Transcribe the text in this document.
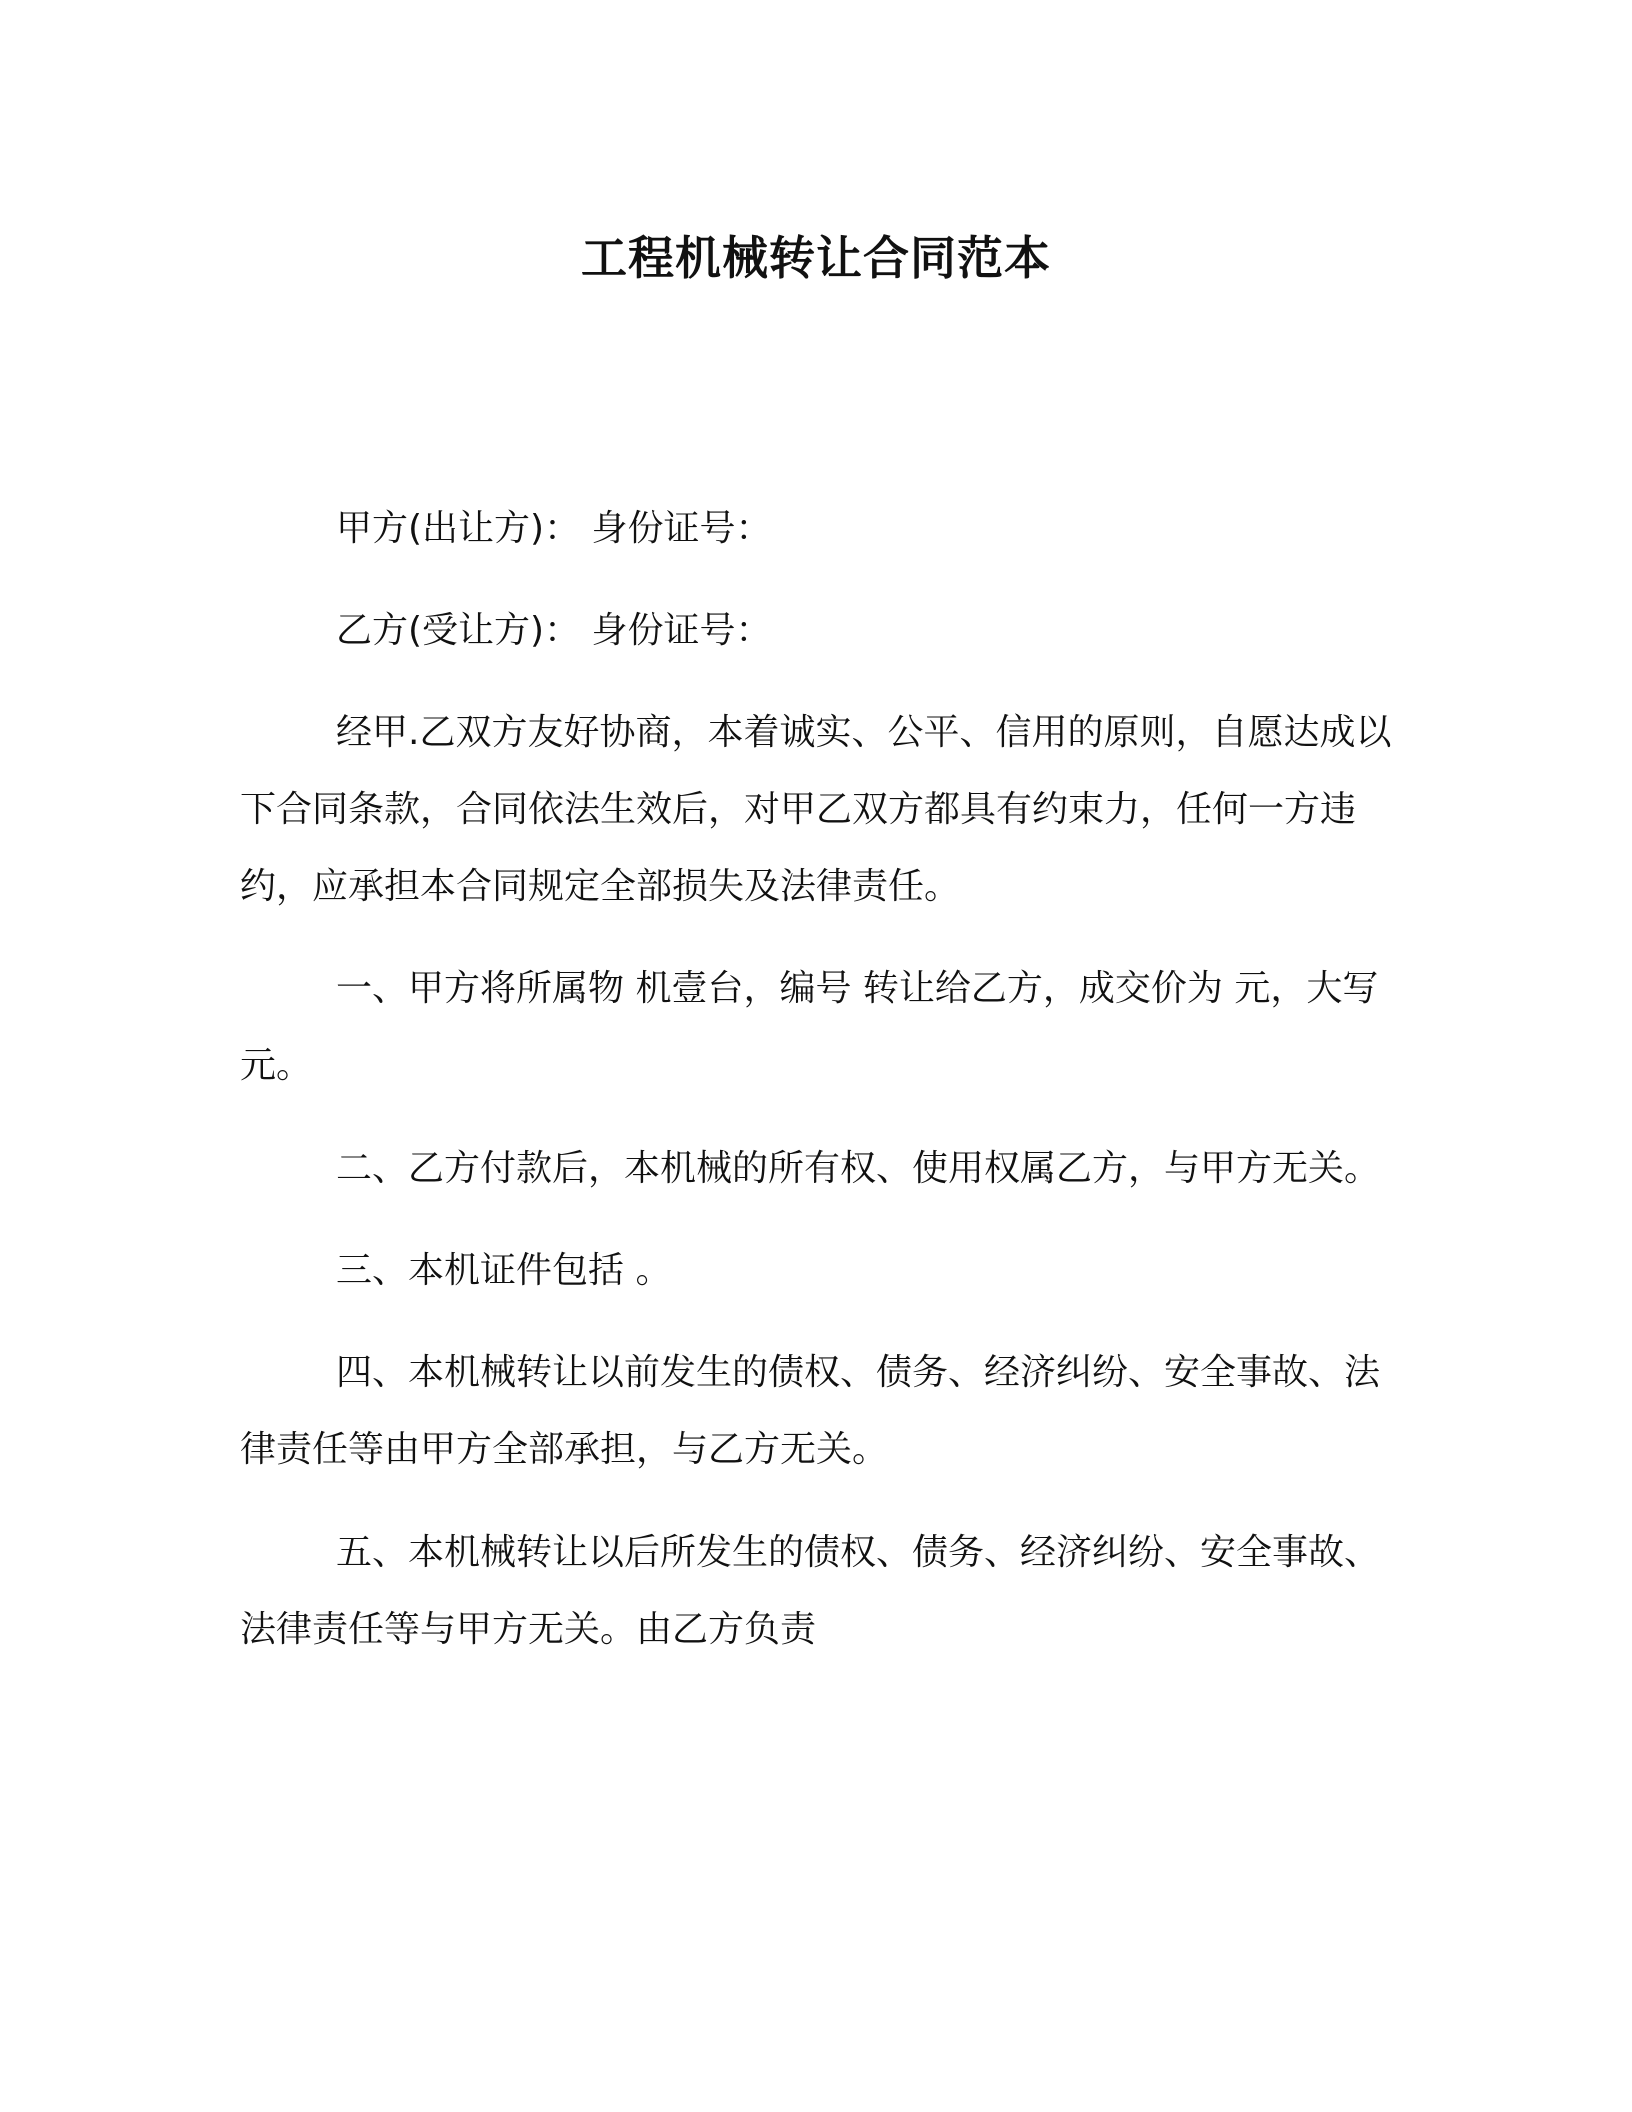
工程机械转让合同范本

甲方(出让方)： 身份证号：

乙方(受让方)： 身份证号：

经甲.乙双方友好协商，本着诚实、公平、信用的原则，自愿达成以下合同条款，合同依法生效后，对甲乙双方都具有约束力，任何一方违约，应承担本合同规定全部损失及法律责任。

一、甲方将所属物 机壹台，编号 转让给乙方，成交价为 元，大写 元。

二、乙方付款后，本机械的所有权、使用权属乙方，与甲方无关。

三、本机证件包括 。

四、本机械转让以前发生的债权、债务、经济纠纷、安全事故、法律责任等由甲方全部承担，与乙方无关。

五、本机械转让以后所发生的债权、债务、经济纠纷、安全事故、法律责任等与甲方无关。由乙方负责
